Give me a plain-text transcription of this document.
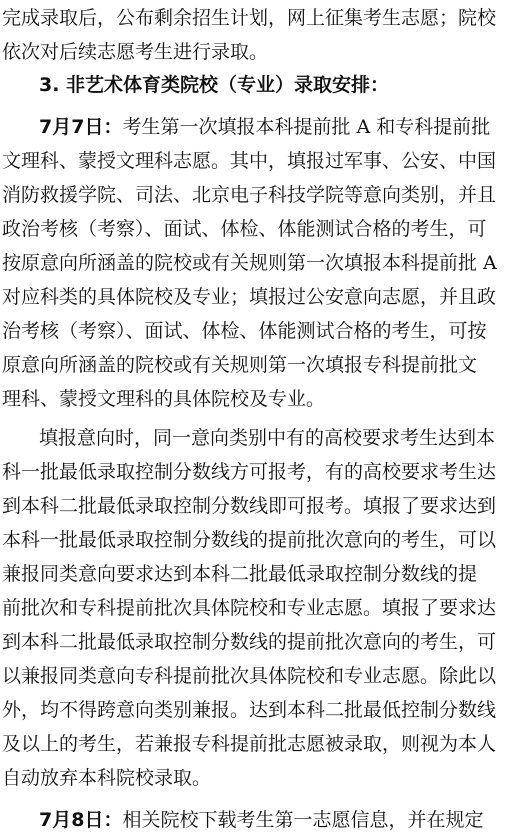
完成录取后，公布剩余招生计划，网上征集考生志愿；院校
依次对后续志愿考生进行录取。
3. 非艺术体育类院校（专业）录取安排：
7月7日：考生第一次填报本科提前批 A 和专科提前批
文理科、蒙授文理科志愿。其中，填报过军事、公安、中国
消防救援学院、司法、北京电子科技学院等意向类别，并且
政治考核（考察）、面试、体检、体能测试合格的考生，可
按原意向所涵盖的院校或有关规则第一次填报本科提前批 A
对应科类的具体院校及专业；填报过公安意向志愿，并且政
治考核（考察）、面试、体检、体能测试合格的考生，可按
原意向所涵盖的院校或有关规则第一次填报专科提前批文
理科、蒙授文理科的具体院校及专业。
填报意向时，同一意向类别中有的高校要求考生达到本
科一批最低录取控制分数线方可报考，有的高校要求考生达
到本科二批最低录取控制分数线即可报考。填报了要求达到
本科一批最低录取控制分数线的提前批次意向的考生，可以
兼报同类意向要求达到本科二批最低录取控制分数线的提
前批次和专科提前批次具体院校和专业志愿。填报了要求达
到本科二批最低录取控制分数线的提前批次意向的考生，可
以兼报同类意向专科提前批次具体院校和专业志愿。除此以
外，均不得跨意向类别兼报。达到本科二批最低控制分数线
及以上的考生，若兼报专科提前批志愿被录取，则视为本人
自动放弃本科院校录取。
7月8日：相关院校下载考生第一志愿信息，并在规定
